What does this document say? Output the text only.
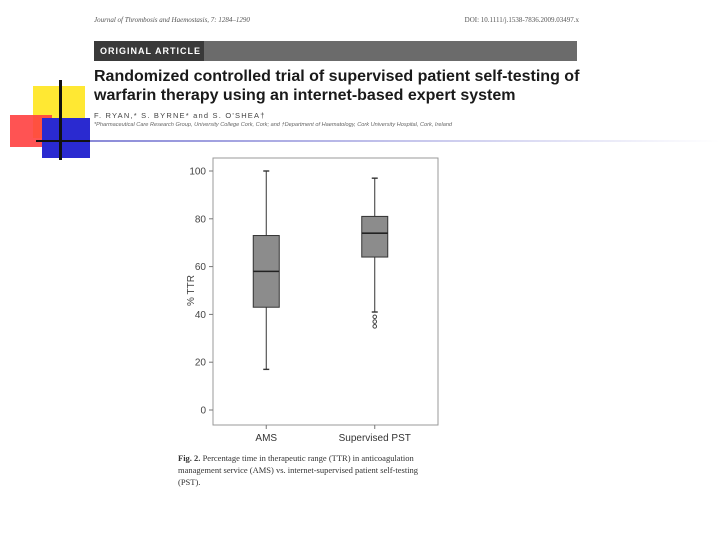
Journal of Thrombosis and Haemostasis, 7: 1284–1290	DOI: 10.1111/j.1538-7836.2009.03497.x
ORIGINAL ARTICLE
Randomized controlled trial of supervised patient self-testing of warfarin therapy using an internet-based expert system
F. RYAN,* S. BYRNE* and S. O'SHEA†
*Pharmaceutical Care Research Group, University College Cork, Cork; and †Department of Haematology, Cork University Hospital, Cork, Ireland
0
20
40
60
80
100
% TTR
AMS	Supervised PST
Fig. 2. Percentage time in therapeutic range (TTR) in anticoagulation management service (AMS) vs. internet-supervised patient self-testing (PST).
